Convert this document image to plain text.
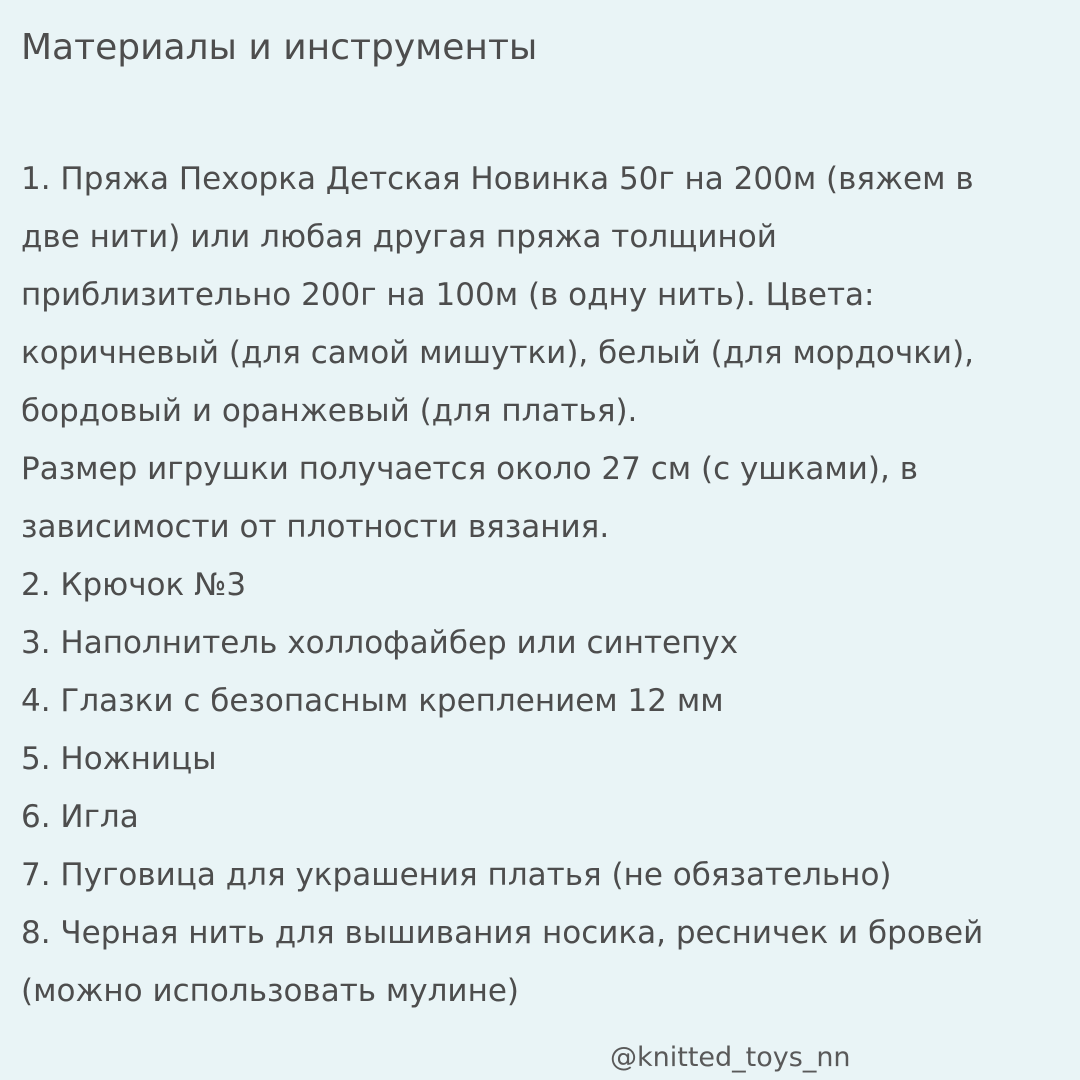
Материалы и инструменты
1. Пряжа Пехорка Детская Новинка 50г на 200м (вяжем в
две нити) или любая другая пряжа толщиной
приблизительно 200г на 100м (в одну нить). Цвета:
коричневый (для самой мишутки), белый (для мордочки),
бордовый и оранжевый (для платья).
Размер игрушки получается около 27 см (с ушками), в
зависимости от плотности вязания.
2. Крючок №3
3. Наполнитель холлофайбер или синтепух
4. Глазки с безопасным креплением 12 мм
5. Ножницы
6. Игла
7. Пуговица для украшения платья (не обязательно)
8. Черная нить для вышивания носика, ресничек и бровей
(можно использовать мулине)
@knitted_toys_nn
